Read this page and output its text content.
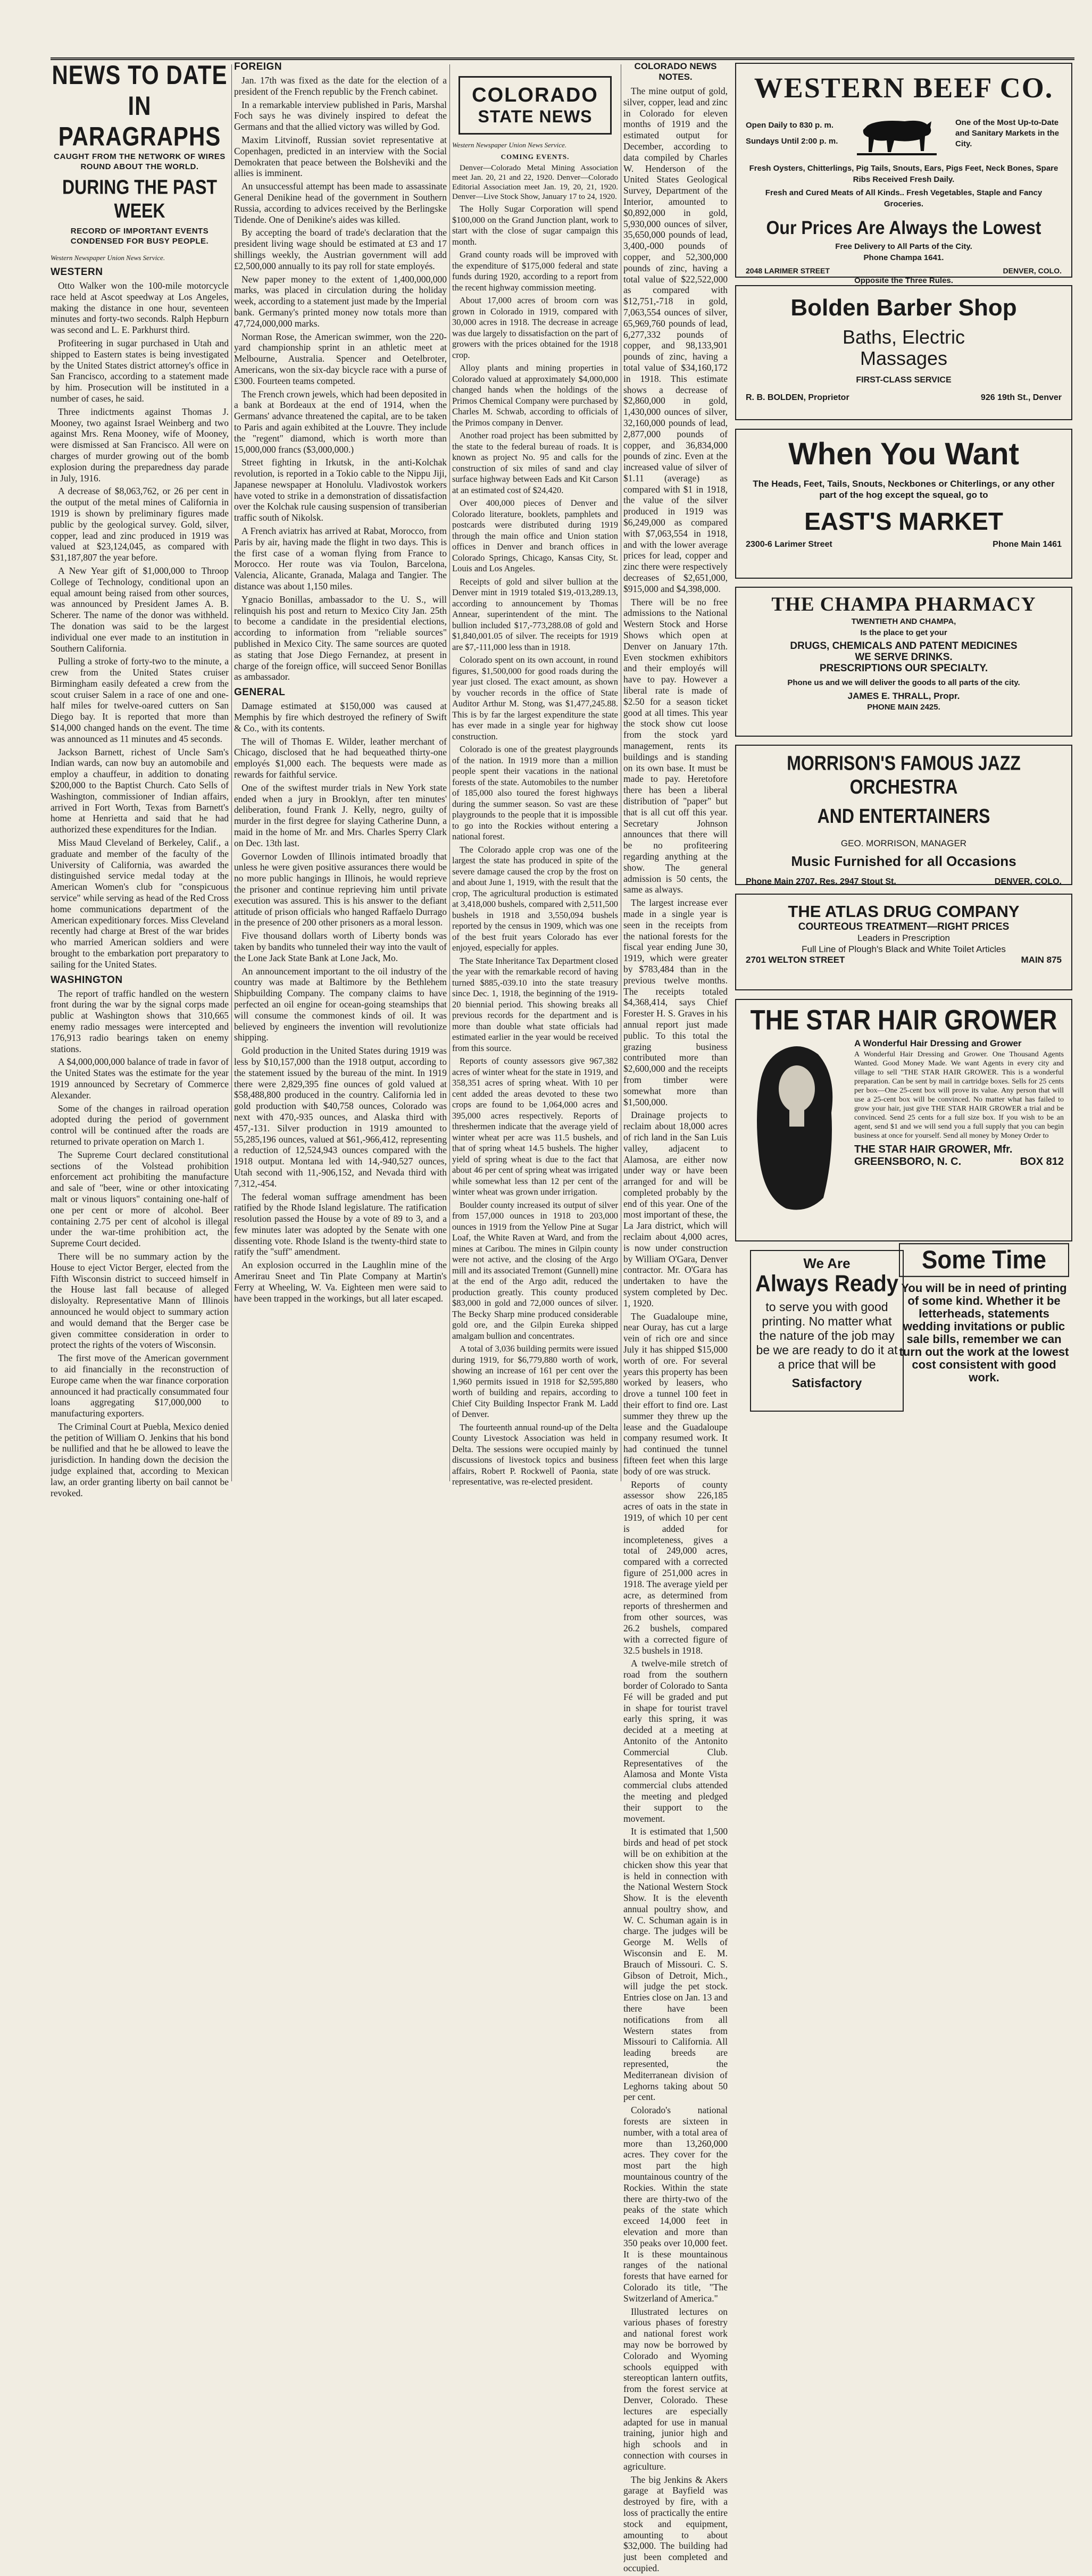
NEWS TO DATE IN PARAGRAPHS
CAUGHT FROM THE NETWORK OF WIRES ROUND ABOUT THE WORLD.
DURING THE PAST WEEK
RECORD OF IMPORTANT EVENTS CONDENSED FOR BUSY PEOPLE.
Western Newspaper Union News Service.
WESTERN

Otto Walker won the 100-mile motorcycle race held at Ascot speedway at Los Angeles, making the distance in one hour, seventeen minutes and forty-two seconds. Ralph Hepburn was second and L. E. Parkhurst third.

Profiteering in sugar purchased in Utah and shipped to Eastern states is being investigated by the United States district attorney's office in San Francisco, according to a statement made by him. Prosecution will be instituted in a number of cases, he said.

Three indictments against Thomas J. Mooney, two against Israel Weinberg and two against Mrs. Rena Mooney, wife of Mooney, were dismissed at San Francisco. All were on charges of murder growing out of the bomb explosion during the preparedness day parade in July, 1916.

A decrease of $8,063,762, or 26 per cent in the output of the metal mines of California in 1919 is shown by preliminary figures made public by the geological survey. Gold, silver, copper, lead and zinc produced in 1919 was valued at $23,124,045, as compared with $31,187,807 the year before.

A New Year gift of $1,000,000 to Throop College of Technology, conditional upon an equal amount being raised from other sources, was announced by President James A. B. Scherer. The name of the donor was withheld. The donation was said to be the largest individual one ever made to an institution in Southern California.

Pulling a stroke of forty-two to the minute, a crew from the United States cruiser Birmingham easily defeated a crew from the scout cruiser Salem in a race of one and one-half miles for twelve-oared cutters on San Diego bay. It is reported that more than $14,000 changed hands on the event. The time was announced as 11 minutes and 45 seconds.

Jackson Barnett, richest of Uncle Sam's Indian wards, can now buy an automobile and employ a chauffeur, in addition to donating $200,000 to the Baptist Church. Cato Sells of Washington, commissioner of Indian affairs, arrived in Fort Worth, Texas from Barnett's home at Henrietta and said that he had authorized these expenditures for the Indian.

Miss Maud Cleveland of Berkeley, Calif., a graduate and member of the faculty of the University of California, was awarded the distinguished service medal today at the American Women's club for "conspicuous service" while serving as head of the Red Cross home communications department of the American expeditionary forces. Miss Cleveland recently had charge at Brest of the war brides who married American soldiers and were brought to the embarkation port preparatory to sailing for the United States.

WASHINGTON

The report of traffic handled on the western front during the war by the signal corps made public at Washington shows that 310,665 enemy radio messages were intercepted and 176,913 radio bearings taken on enemy stations.

A $4,000,000,000 balance of trade in favor of the United States was the estimate for the year 1919 announced by Secretary of Commerce Alexander.

Some of the changes in railroad operation adopted during the period of government control will be continued after the roads are returned to private operation on March 1.

The Supreme Court declared constitutional sections of the Volstead prohibition enforcement act prohibiting the manufacture and sale of "beer, wine or other intoxicating malt or vinous liquors" containing one-half of one per cent or more of alcohol. Beer containing 2.75 per cent of alcohol is illegal under the war-time prohibition act, the Supreme Court decided.

There will be no summary action by the House to eject Victor Berger, elected from the Fifth Wisconsin district to succeed himself in the House last fall because of alleged disloyalty. Representative Mann of Illinois announced he would object to summary action and would demand that the Berger case be given committee consideration in order to protect the rights of the voters of Wisconsin.

The first move of the American government to aid financially in the reconstruction of Europe came when the war finance corporation announced it had practically consummated four loans aggregating $17,000,000 to manufacturing exporters.

The Criminal Court at Puebla, Mexico denied the petition of William O. Jenkins that his bond be nullified and that he be allowed to leave the jurisdiction. In handing down the decision the judge explained that, according to Mexican law, an order granting liberty on bail cannot be revoked.

FOREIGN

Jan. 17th was fixed as the date for the election of a president of the French republic by the French cabinet.

In a remarkable interview published in Paris, Marshal Foch says he was divinely inspired to defeat the Germans and that the allied victory was willed by God.

Maxim Litvinoff, Russian soviet representative at Copenhagen, predicted in an interview with the Social Demokraten that peace between the Bolsheviki and the allies is imminent.

An unsuccessful attempt has been made to assassinate General Denikine head of the government in Southern Russia, according to advices received by the Berlingske Tidende. One of Denikine's aides was killed.

By accepting the board of trade's declaration that the president living wage should be estimated at £3 and 17 shillings weekly, the Austrian government will add £2,500,000 annually to its pay roll for state employés.

New paper money to the extent of 1,400,000,000 marks, was placed in circulation during the holiday week, according to a statement just made by the Imperial bank. Germany's printed money now totals more than 47,724,000,000 marks.

Norman Rose, the American swimmer, won the 220-yard championship sprint in an athletic meet at Melbourne, Australia. Spencer and Oetelbroter, Americans, won the six-day bicycle race with a purse of £300. Fourteen teams competed.

The French crown jewels, which had been deposited in a bank at Bordeaux at the end of 1914, when the Germans' advance threatened the capital, are to be taken to Paris and again exhibited at the Louvre. They include the "regent" diamond, which is worth more than 15,000,000 francs ($3,000,000.)

Street fighting in Irkutsk, in the anti-Kolchak revolution, is reported in a Tokio cable to the Nippu Jiji, Japanese newspaper at Honolulu. Vladivostok workers have voted to strike in a demonstration of dissatisfaction over the Kolchak rule causing suspension of transiberian traffic south of Nikolsk.

A French aviatrix has arrived at Rabat, Morocco, from Paris by air, having made the flight in two days. This is the first case of a woman flying from France to Morocco. Her route was via Toulon, Barcelona, Valencia, Alicante, Granada, Malaga and Tangier. The distance was about 1,150 miles.

Ygnacio Bonillas, ambassador to the U. S., will relinquish his post and return to Mexico City Jan. 25th to become a candidate in the presidential elections, according to information from "reliable sources" published in Mexico City. The same sources are quoted as stating that Jose Diego Fernandez, at present in charge of the foreign office, will succeed Senor Bonillas as ambassador.

GENERAL

Damage estimated at $150,000 was caused at Memphis by fire which destroyed the refinery of Swift & Co., with its contents.

The will of Thomas E. Wilder, leather merchant of Chicago, disclosed that he had bequeathed thirty-one employés $1,000 each. The bequests were made as rewards for faithful service.

One of the swiftest murder trials in New York state ended when a jury in Brooklyn, after ten minutes' deliberation, found Frank J. Kelly, negro, guilty of murder in the first degree for slaying Catherine Dunn, a maid in the home of Mr. and Mrs. Charles Sperry Clark on Dec. 13th last.

Governor Lowden of Illinois intimated broadly that unless he were given positive assurances there would be no more public hangings in Illinois, he would reprieve the prisoner and continue reprieving him until private execution was assured. This is his answer to the defiant attitude of prison officials who hanged Raffaelo Durrago in the presence of 200 other prisoners as a moral lesson.

Five thousand dollars worth of Liberty bonds was taken by bandits who tunneled their way into the vault of the Lone Jack State Bank at Lone Jack, Mo.

An announcement important to the oil industry of the country was made at Baltimore by the Bethlehem Shipbuilding Company. The company claims to have perfected an oil engine for ocean-going steamships that will consume the commonest kinds of oil. It was believed by engineers the invention will revolutionize shipping.

Gold production in the United States during 1919 was less by $10,157,000 than the 1918 output, according to the statement issued by the bureau of the mint. In 1919 there were 2,829,395 fine ounces of gold valued at $58,488,800 produced in the country. California led in gold production with $40,758 ounces, Colorado was next with 470,-935 ounces, and Alaska third with 457,-131. Silver production in 1919 amounted to 55,285,196 ounces, valued at $61,-966,412, representing a reduction of 12,524,943 ounces compared with the 1918 output. Montana led with 14,-940,527 ounces, Utah second with 11,-906,152, and Nevada third with 7,312,-454.

The federal woman suffrage amendment has been ratified by the Rhode Island legislature. The ratification resolution passed the House by a vote of 89 to 3, and a few minutes later was adopted by the Senate with one dissenting vote. Rhode Island is the twenty-third state to ratify the "suff" amendment.

An explosion occurred in the Laughlin mine of the Amerirau Sneet and Tin Plate Company at Martin's Ferry at Wheeling, W. Va. Eighteen men were said to have been trapped in the workings, but all later escaped.

COLORADO
STATE NEWS
Western Newspaper Union News Service.
COMING EVENTS.

Denver—Colorado Metal Mining Association meet Jan. 20, 21 and 22, 1920. Denver—Colorado Editorial Association meet Jan. 19, 20, 21, 1920. Denver—Live Stock Show, January 17 to 24, 1920.

The Holly Sugar Corporation will spend $100,000 on the Grand Junction plant, work to start with the close of sugar campaign this month.

Grand county roads will be improved with the expenditure of $175,000 federal and state funds during 1920, according to a report from the recent highway commission meeting.

About 17,000 acres of broom corn was grown in Colorado in 1919, compared with 30,000 acres in 1918. The decrease in acreage was due largely to dissatisfaction on the part of growers with the prices obtained for the 1918 crop.

Alloy plants and mining properties in Colorado valued at approximately $4,000,000 changed hands when the holdings of the Primos Chemical Company were purchased by Charles M. Schwab, according to officials of the Primos company in Denver.

Another road project has been submitted by the state to the federal bureau of roads. It is known as project No. 95 and calls for the construction of six miles of sand and clay surface highway between Eads and Kit Carson at an estimated cost of $24,420.

Over 400,000 pieces of Denver and Colorado literature, booklets, pamphlets and postcards were distributed during 1919 through the main office and Union station offices in Denver and branch offices in Colorado Springs, Chicago, Kansas City, St. Louis and Los Angeles.

Receipts of gold and silver bullion at the Denver mint in 1919 totaled $19,-013,289.13, according to announcement by Thomas Annear, superintendent of the mint. The bullion included $17,-773,288.08 of gold and $1,840,001.05 of silver. The receipts for 1919 are $7,-111,000 less than in 1918.

Colorado spent on its own account, in round figures, $1,500,000 for good roads during the year just closed. The exact amount, as shown by voucher records in the office of State Auditor Arthur M. Stong, was $1,477,245.88. This is by far the largest expenditure the state has ever made in a single year for highway construction.

Colorado is one of the greatest playgrounds of the nation. In 1919 more than a million people spent their vacations in the national forests of the state. Automobiles to the number of 185,000 also toured the forest highways during the summer season. So vast are these playgrounds to the people that it is impossible to go into the Rockies without entering a national forest.

The Colorado apple crop was one of the largest the state has produced in spite of the severe damage caused the crop by the frost on and about June 1, 1919, with the result that the crop, The agricultural production is estimated at 3,418,000 bushels, compared with 2,511,500 bushels in 1918 and 3,550,094 bushels reported by the census in 1909, which was one of the best fruit years Colorado has ever enjoyed, especially for apples.

The State Inheritance Tax Department closed the year with the remarkable record of having turned $885,-039.10 into the state treasury since Dec. 1, 1918, the beginning of the 1919-20 biennial period. This showing breaks all previous records for the department and is more than double what state officials had estimated earlier in the year would be received from this source.

Reports of county assessors give 967,382 acres of winter wheat for the state in 1919, and 358,351 acres of spring wheat. With 10 per cent added the areas devoted to these two crops are found to be 1,064,000 acres and 395,000 acres respectively. Reports of threshermen indicate that the average yield of winter wheat per acre was 11.5 bushels, and that of spring wheat 14.5 bushels. The higher yield of spring wheat is due to the fact that about 46 per cent of spring wheat was irrigated while somewhat less than 12 per cent of the winter wheat was grown under irrigation.

Boulder county increased its output of silver from 157,000 ounces in 1918 to 203,000 ounces in 1919 from the Yellow Pine at Sugar Loaf, the White Raven at Ward, and from the mines at Caribou. The mines in Gilpin county were not active, and the closing of the Argo mill and its associated Tremont (Gunnell) mine at the end of the Argo adit, reduced the production greatly. This county produced $83,000 in gold and 72,000 ounces of silver. The Becky Sharp mine produced considerable gold ore, and the Gilpin Eureka shipped amalgam bullion and concentrates.

A total of 3,036 building permits were issued during 1919, for $6,779,880 worth of work, showing an increase of 161 per cent over the 1,960 permits issued in 1918 for $2,595,880 worth of building and repairs, according to Chief City Building Inspector Frank M. Ladd of Denver.

The fourteenth annual round-up of the Delta County Livestock Association was held in Delta. The sessions were occupied mainly by discussions of livestock topics and business affairs, Robert P. Rockwell of Paonia, state representative, was re-elected president.

COLORADO NEWS NOTES.

The mine output of gold, silver, copper, lead and zinc in Colorado for eleven months of 1919 and the estimated output for December, according to data compiled by Charles W. Henderson of the United States Geological Survey, Department of the Interior, amounted to $0,892,000 in gold, 5,930,000 ounces of silver, 35,650,000 pounds of lead, 3,400,-000 pounds of copper, and 52,300,000 pounds of zinc, having a total value of $22,522,000 as compared with $12,751,-718 in gold, 7,063,554 ounces of silver, 65,969,760 pounds of lead, 6,277,332 pounds of copper, and 98,133,901 pounds of zinc, having a total value of $34,160,172 in 1918. This estimate shows a decrease of $2,860,000 in gold, 1,430,000 ounces of silver, 32,160,000 pounds of lead, 2,877,000 pounds of copper, and 36,834,000 pounds of zinc. Even at the increased value of silver of $1.11 (average) as compared with $1 in 1918, the value of the silver produced in 1919 was $6,249,000 as compared with $7,063,554 in 1918, and with the lower average prices for lead, copper and zinc there were respectively decreases of $2,651,000, $915,000 and $4,398,000.

There will be no free admissions to the National Western Stock and Horse Shows which open at Denver on January 17th. Even stockmen exhibitors and their employés will have to pay. However a liberal rate is made of $2.50 for a season ticket good at all times. This year the stock show cut loose from the stock yard management, rents its buildings and is standing on its own base. It must be made to pay. Heretofore there has been a liberal distribution of "paper" but that is all cut off this year. Secretary Johnson announces that there will be no profiteering regarding anything at the show. The general admission is 50 cents, the same as always.

The largest increase ever made in a single year is seen in the receipts from the national forests for the fiscal year ending June 30, 1919, which were greater by $783,484 than in the previous twelve months. The receipts totaled $4,368,414, says Chief Forester H. S. Graves in his annual report just made public. To this total the grazing business contributed more than $2,600,000 and the receipts from timber were somewhat more than $1,500,000.

Drainage projects to reclaim about 18,000 acres of rich land in the San Luis valley, adjacent to Alamosa, are either now under way or have been arranged for and will be completed probably by the end of this year. One of the most important of these, the La Jara district, which will reclaim about 4,000 acres, is now under construction by William O'Gara, Denver contractor. Mr. O'Gara has undertaken to have the system completed by Dec. 1, 1920.

The Guadaloupe mine, near Ouray, has cut a large vein of rich ore and since July it has shipped $15,000 worth of ore. For several years this property has been worked by leasers, who drove a tunnel 100 feet in their effort to find ore. Last summer they threw up the lease and the Guadaloupe company resumed work. It had continued the tunnel fifteen feet when this large body of ore was struck.

Reports of county assessor show 226,185 acres of oats in the state in 1919, of which 10 per cent is added for incompleteness, gives a total of 249,000 acres, compared with a corrected figure of 251,000 acres in 1918. The average yield per acre, as determined from reports of threshermen and from other sources, was 26.2 bushels, compared with a corrected figure of 32.5 bushels in 1918.

A twelve-mile stretch of road from the southern border of Colorado to Santa Fé will be graded and put in shape for tourist travel early this spring, it was decided at a meeting at Antonito of the Antonito Commercial Club. Representatives of the Alamosa and Monte Vista commercial clubs attended the meeting and pledged their support to the movement.

It is estimated that 1,500 birds and head of pet stock will be on exhibition at the chicken show this year that is held in connection with the National Western Stock Show. It is the eleventh annual poultry show, and W. C. Schuman again is in charge. The judges will be George M. Wells of Wisconsin and E. M. Brauch of Missouri. C. S. Gibson of Detroit, Mich., will judge the pet stock. Entries close on Jan. 13 and there have been notifications from all Western states from Missouri to California. All leading breeds are represented, the Mediterranean division of Leghorns taking about 50 per cent.

Colorado's national forests are sixteen in number, with a total area of more than 13,260,000 acres. They cover for the most part the high mountainous country of the Rockies. Within the state there are thirty-two of the peaks of the state which exceed 14,000 feet in elevation and more than 350 peaks over 10,000 feet. It is these mountainous ranges of the national forests that have earned for Colorado its title, "The Switzerland of America."

Illustrated lectures on various phases of forestry and national forest work may now be borrowed by Colorado and Wyoming schools equipped with stereoptican lantern outfits, from the forest service at Denver, Colorado. These lectures are especially adapted for use in manual training, junior high and high schools and in connection with courses in agriculture.

The big Jenkins & Akers garage at Bayfield was destroyed by fire, with a loss of practically the entire stock and equipment, amounting to about $32,000. The building had just been completed and occupied.

WESTERN BEEF CO.
Open Daily to 830 p. m.
Sundays Until 2:00 p. m.
One of the Most Up-to-Date and Sanitary Markets in the City.
Fresh Oysters, Chitterlings, Pig Tails, Snouts, Ears, Pigs Feet, Neck Bones, Spare Ribs Received Fresh Daily.
Fresh and Cured Meats of All Kinds.. Fresh Vegetables, Staple and Fancy Groceries.
Our Prices Are Always the Lowest
Free Delivery to All Parts of the City.
Phone Champa 1641.
2048 LARIMER STREET	DENVER, COLO.
Opposite the Three Rules.
Bolden Barber Shop
Baths, Electric
Massages
FIRST-CLASS SERVICE
R. B. BOLDEN, Proprietor	926 19th St., Denver
When You Want
The Heads, Feet, Tails, Snouts, Neckbones or Chiterlings, or any other part of the hog except the squeal, go to
EAST'S MARKET
2300-6 Larimer Street	Phone Main 1461
THE CHAMPA PHARMACY
TWENTIETH AND CHAMPA,
Is the place to get your
DRUGS, CHEMICALS AND PATENT MEDICINES
WE SERVE DRINKS.
PRESCRIPTIONS OUR SPECIALTY.
Phone us and we will deliver the goods to all parts of the city.
JAMES E. THRALL, Propr.
PHONE MAIN 2425.
MORRISON'S FAMOUS JAZZ ORCHESTRA
AND ENTERTAINERS
GEO. MORRISON, MANAGER
Music Furnished for all Occasions
Phone Main 2707. Res. 2947 Stout St.	DENVER, COLO.
THE ATLAS DRUG COMPANY
COURTEOUS TREATMENT—RIGHT PRICES
Leaders in Prescription
Full Line of Plough's Black and White Toilet Articles
2701 WELTON STREET	MAIN 875
THE STAR HAIR GROWER
A Wonderful Hair Dressing and Grower
A Wonderful Hair Dressing and Grower. One Thousand Agents Wanted. Good Money Made. We want Agents in every city and village to sell "THE STAR HAIR GROWER. This is a wonderful preparation. Can be sent by mail in cartridge boxes. Sells for 25 cents per box—One 25-cent box will prove its value. Any person that will use a 25-cent box will be convinced. No matter what has failed to grow your hair, just give THE STAR HAIR GROWER a trial and be convinced. Send 25 cents for a full size box. If you wish to be an agent, send $1 and we will send you a full supply that you can begin business at once for yourself. Send all money by Money Order to
THE STAR HAIR GROWER, Mfr.
GREENSBORO, N. C.	BOX 812
We Are
Always Ready
to serve you with good printing. No matter what the nature of the job may be we are ready to do it at a price that will be
Satisfactory
Some Time
You will be in need of printing of some kind. Whether it be letterheads, statements wedding invitations or public sale bills, remember we can turn out the work at the lowest cost consistent with good work.
